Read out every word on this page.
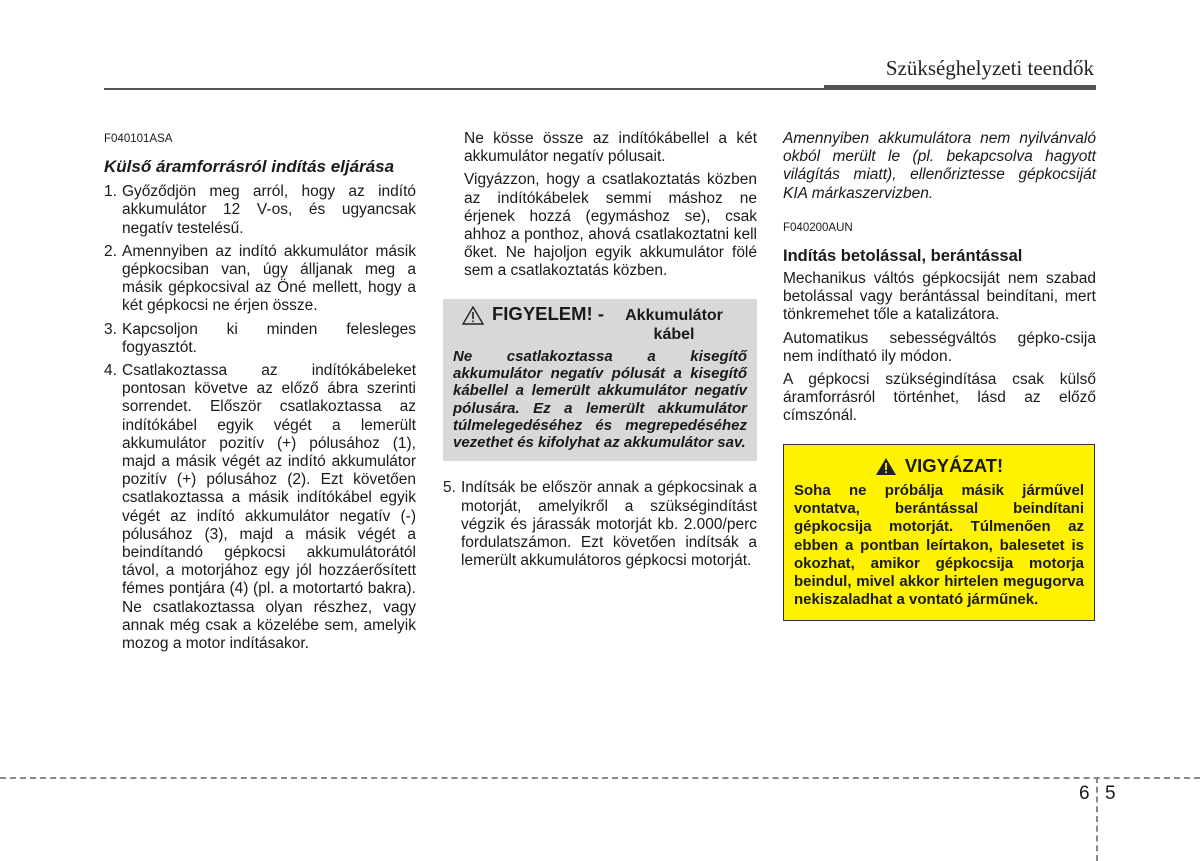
Szükséghelyzeti teendők
F040101ASA
Külső áramforrásról indítás eljárása
1. Győződjön meg arról, hogy az indító akkumulátor 12 V-os, és ugyancsak negatív testelésű.
2. Amennyiben az indító akkumulátor másik gépkocsiban van, úgy álljanak meg a másik gépkocsival az Öné mellett, hogy a két gépkocsi ne érjen össze.
3. Kapcsoljon ki minden felesleges fogyasztót.
4. Csatlakoztassa az indítókábeleket pontosan követve az előző ábra szerinti sorrendet. Először csatlakoztassa az indítókábel egyik végét a lemerült akkumulátor pozitív (+) pólusához (1), majd a másik végét az indító akkumulátor pozitív (+) pólusához (2). Ezt követően csatlakoztassa a másik indítókábel egyik végét az indító akkumulátor negatív (-) pólusához (3), majd a másik végét a beindítandó gépkocsi akkumulátorától távol, a motorjához egy jól hozzáerősített fémes pontjára (4) (pl. a motortartó bakra). Ne csatlakoztassa olyan részhez, vagy annak még csak a közelébe sem, amelyik mozog a motor indításakor.

Ne kösse össze az indítókábellel a két akkumulátor negatív pólusait.

Vigyázzon, hogy a csatlakoztatás közben az indítókábelek semmi máshoz ne érjenek hozzá (egymáshoz se), csak ahhoz a ponthoz, ahová csatlakoztatni kell őket. Ne hajoljon egyik akkumulátor fölé sem a csatlakoztatás közben.

FIGYELEM! -	Akkumulátor kábel
Ne csatlakoztassa a kisegítő akkumulátor negatív pólusát a kisegítő kábellel a lemerült akkumulátor negatív pólusára. Ez a lemerült akkumulátor túlmelegedéséhez és megrepedéséhez vezethet és kifolyhat az akkumulátor sav.
5. Indítsák be először annak a gépkocsinak a motorját, amelyikről a szükségindítást végzik és járassák motorját kb. 2.000/perc fordulatszámon. Ezt követően indítsák a lemerült akkumulátoros gépkocsi motorját.

Amennyiben akkumulátora nem nyilvánvaló okból merült le (pl. bekapcsolva hagyott világítás miatt), ellenőriztesse gépkocsiját KIA márkaszervizben.

F040200AUN
Indítás betolással, berántással

Mechanikus váltós gépkocsiját nem szabad betolással vagy berántással beindítani, mert tönkremehet tőle a katalizátora.

Automatikus sebességváltós gépko-csija nem indítható ily módon.

A gépkocsi szükségindítása csak külső áramforrásról történhet, lásd az előző címszónál.

VIGYÁZAT!
Soha ne próbálja másik járművel vontatva, berántással beindítani gépkocsija motorját. Túlmenően az ebben a pontban leírtakon, balesetet is okozhat, amikor gépkocsija motorja beindul, mivel akkor hirtelen megugorva nekiszaladhat a vontató járműnek.
6 5
